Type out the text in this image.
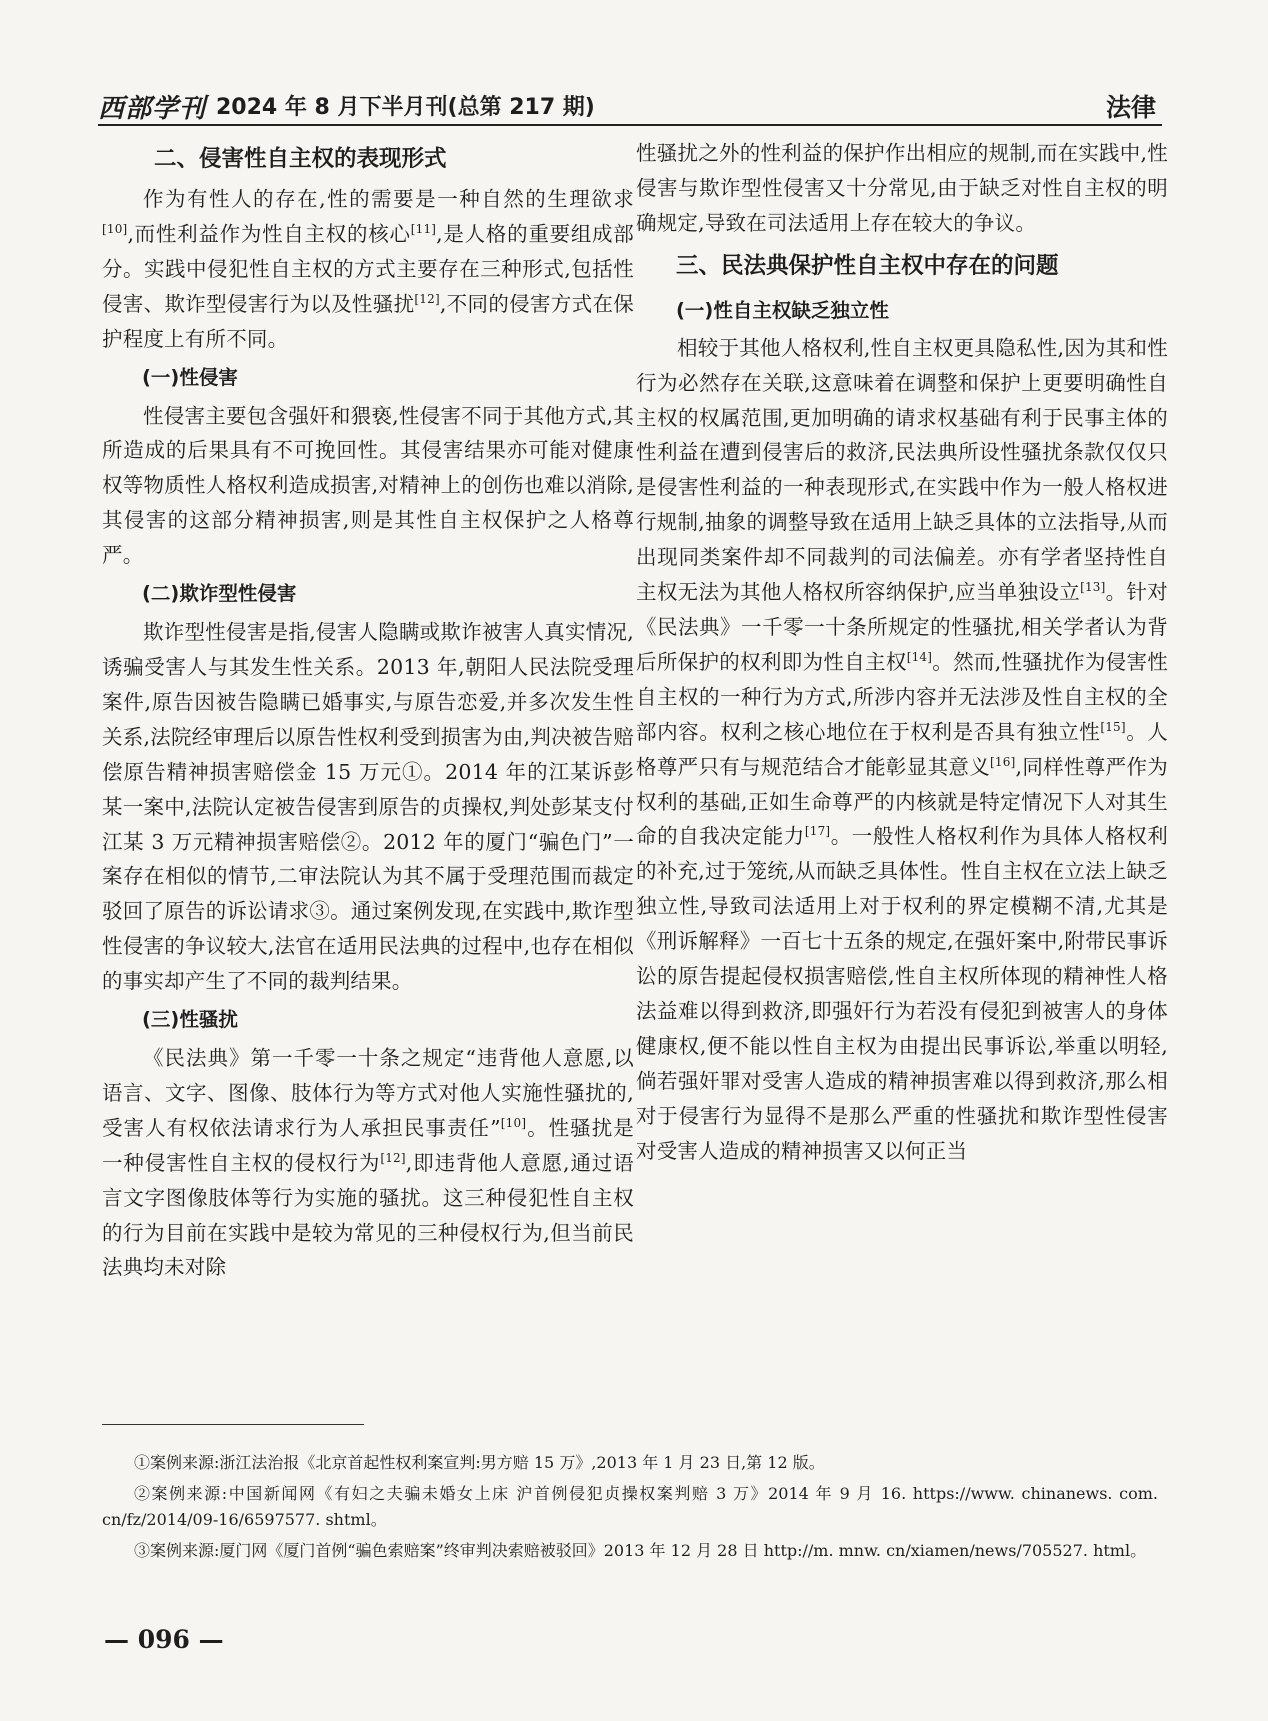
西部学刊 2024 年 8 月下半月刊(总第 217 期)	法律
二、侵害性自主权的表现形式

作为有性人的存在,性的需要是一种自然的生理欲求[10],而性利益作为性自主权的核心[11],是人格的重要组成部分。实践中侵犯性自主权的方式主要存在三种形式,包括性侵害、欺诈型侵害行为以及性骚扰[12],不同的侵害方式在保护程度上有所不同。

(一)性侵害

性侵害主要包含强奸和猥亵,性侵害不同于其他方式,其所造成的后果具有不可挽回性。其侵害结果亦可能对健康权等物质性人格权利造成损害,对精神上的创伤也难以消除,其侵害的这部分精神损害,则是其性自主权保护之人格尊严。

(二)欺诈型性侵害

欺诈型性侵害是指,侵害人隐瞒或欺诈被害人真实情况,诱骗受害人与其发生性关系。2013 年,朝阳人民法院受理案件,原告因被告隐瞒已婚事实,与原告恋爱,并多次发生性关系,法院经审理后以原告性权利受到损害为由,判决被告赔偿原告精神损害赔偿金 15 万元①。2014 年的江某诉彭某一案中,法院认定被告侵害到原告的贞操权,判处彭某支付江某 3 万元精神损害赔偿②。2012 年的厦门“骗色门”一案存在相似的情节,二审法院认为其不属于受理范围而裁定驳回了原告的诉讼请求③。通过案例发现,在实践中,欺诈型性侵害的争议较大,法官在适用民法典的过程中,也存在相似的事实却产生了不同的裁判结果。

(三)性骚扰

《民法典》第一千零一十条之规定“违背他人意愿,以语言、文字、图像、肢体行为等方式对他人实施性骚扰的,受害人有权依法请求行为人承担民事责任”[10]。性骚扰是一种侵害性自主权的侵权行为[12],即违背他人意愿,通过语言文字图像肢体等行为实施的骚扰。这三种侵犯性自主权的行为目前在实践中是较为常见的三种侵权行为,但当前民法典均未对除

性骚扰之外的性利益的保护作出相应的规制,而在实践中,性侵害与欺诈型性侵害又十分常见,由于缺乏对性自主权的明确规定,导致在司法适用上存在较大的争议。

三、民法典保护性自主权中存在的问题
(一)性自主权缺乏独立性

相较于其他人格权利,性自主权更具隐私性,因为其和性行为必然存在关联,这意味着在调整和保护上更要明确性自主权的权属范围,更加明确的请求权基础有利于民事主体的性利益在遭到侵害后的救济,民法典所设性骚扰条款仅仅只是侵害性利益的一种表现形式,在实践中作为一般人格权进行规制,抽象的调整导致在适用上缺乏具体的立法指导,从而出现同类案件却不同裁判的司法偏差。亦有学者坚持性自主权无法为其他人格权所容纳保护,应当单独设立[13]。针对《民法典》一千零一十条所规定的性骚扰,相关学者认为背后所保护的权利即为性自主权[14]。然而,性骚扰作为侵害性自主权的一种行为方式,所涉内容并无法涉及性自主权的全部内容。权利之核心地位在于权利是否具有独立性[15]。人格尊严只有与规范结合才能彰显其意义[16],同样性尊严作为权利的基础,正如生命尊严的内核就是特定情况下人对其生命的自我决定能力[17]。一般性人格权利作为具体人格权利的补充,过于笼统,从而缺乏具体性。性自主权在立法上缺乏独立性,导致司法适用上对于权利的界定模糊不清,尤其是《刑诉解释》一百七十五条的规定,在强奸案中,附带民事诉讼的原告提起侵权损害赔偿,性自主权所体现的精神性人格法益难以得到救济,即强奸行为若没有侵犯到被害人的身体健康权,便不能以性自主权为由提出民事诉讼,举重以明轻,倘若强奸罪对受害人造成的精神损害难以得到救济,那么相对于侵害行为显得不是那么严重的性骚扰和欺诈型性侵害对受害人造成的精神损害又以何正当

①案例来源:浙江法治报《北京首起性权利案宣判:男方赔 15 万》,2013 年 1 月 23 日,第 12 版。

②案例来源:中国新闻网《有妇之夫骗未婚女上床 沪首例侵犯贞操权案判赔 3 万》2014 年 9 月 16. https://www. chinanews. com. cn/fz/2014/09-16/6597577. shtml。

③案例来源:厦门网《厦门首例“骗色索赔案”终审判决索赔被驳回》2013 年 12 月 28 日 http://m. mnw. cn/xiamen/news/705527. html。

— 096 —
